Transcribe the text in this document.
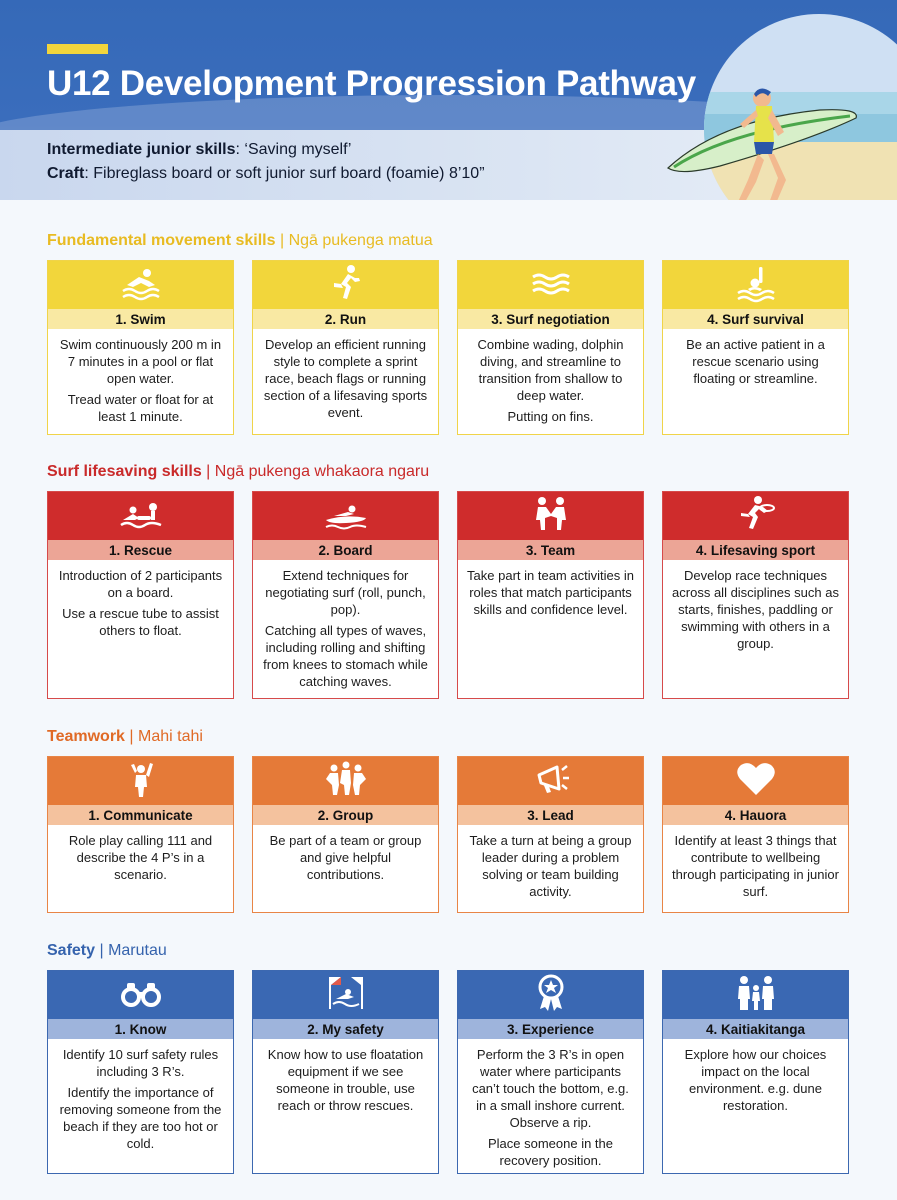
U12 Development Progression Pathway
Intermediate junior skills: ‘Saving myself’
Craft: Fibreglass board or soft junior surf board (foamie) 8’10”
Fundamental movement skills | Ngā pukenga matua
1. Swim

Swim continuously 200 m in 7 minutes in a pool or flat open water.

Tread water or float for at least 1 minute.

2. Run

Develop an efficient running style to complete a sprint race, beach flags or running section of a lifesaving sports event.

3. Surf negotiation

Combine wading, dolphin diving, and streamline to transition from shallow to deep water.

Putting on fins.

4. Surf survival

Be an active patient in a rescue scenario using floating or streamline.

Surf lifesaving skills | Ngā pukenga whakaora ngaru
1. Rescue

Introduction of 2 participants on a board.

Use a rescue tube to assist others to float.

2. Board

Extend techniques for negotiating surf (roll, punch, pop).

Catching all types of waves, including rolling and shifting from knees to stomach while catching waves.

3. Team

Take part in team activities in roles that match participants skills and confidence level.

4. Lifesaving sport

Develop race techniques across all disciplines such as starts, finishes, paddling or swimming with others in a group.

Teamwork | Mahi tahi
1. Communicate

Role play calling 111 and describe the 4 P’s in a scenario.

2. Group

Be part of a team or group and give helpful contributions.

3. Lead

Take a turn at being a group leader during a problem solving or team building activity.

4. Hauora

Identify at least 3 things that contribute to wellbeing through participating in junior surf.

Safety | Marutau
1. Know

Identify 10 surf safety rules including 3 R’s.

Identify the importance of removing someone from the beach if they are too hot or cold.

2. My safety

Know how to use floatation equipment if we see someone in trouble, use reach or throw rescues.

3. Experience

Perform the 3 R’s in open water where participants can’t touch the bottom, e.g. in a small inshore current. Observe a rip.

Place someone in the recovery position.

4. Kaitiakitanga

Explore how our choices impact on the local environment. e.g. dune restoration.
